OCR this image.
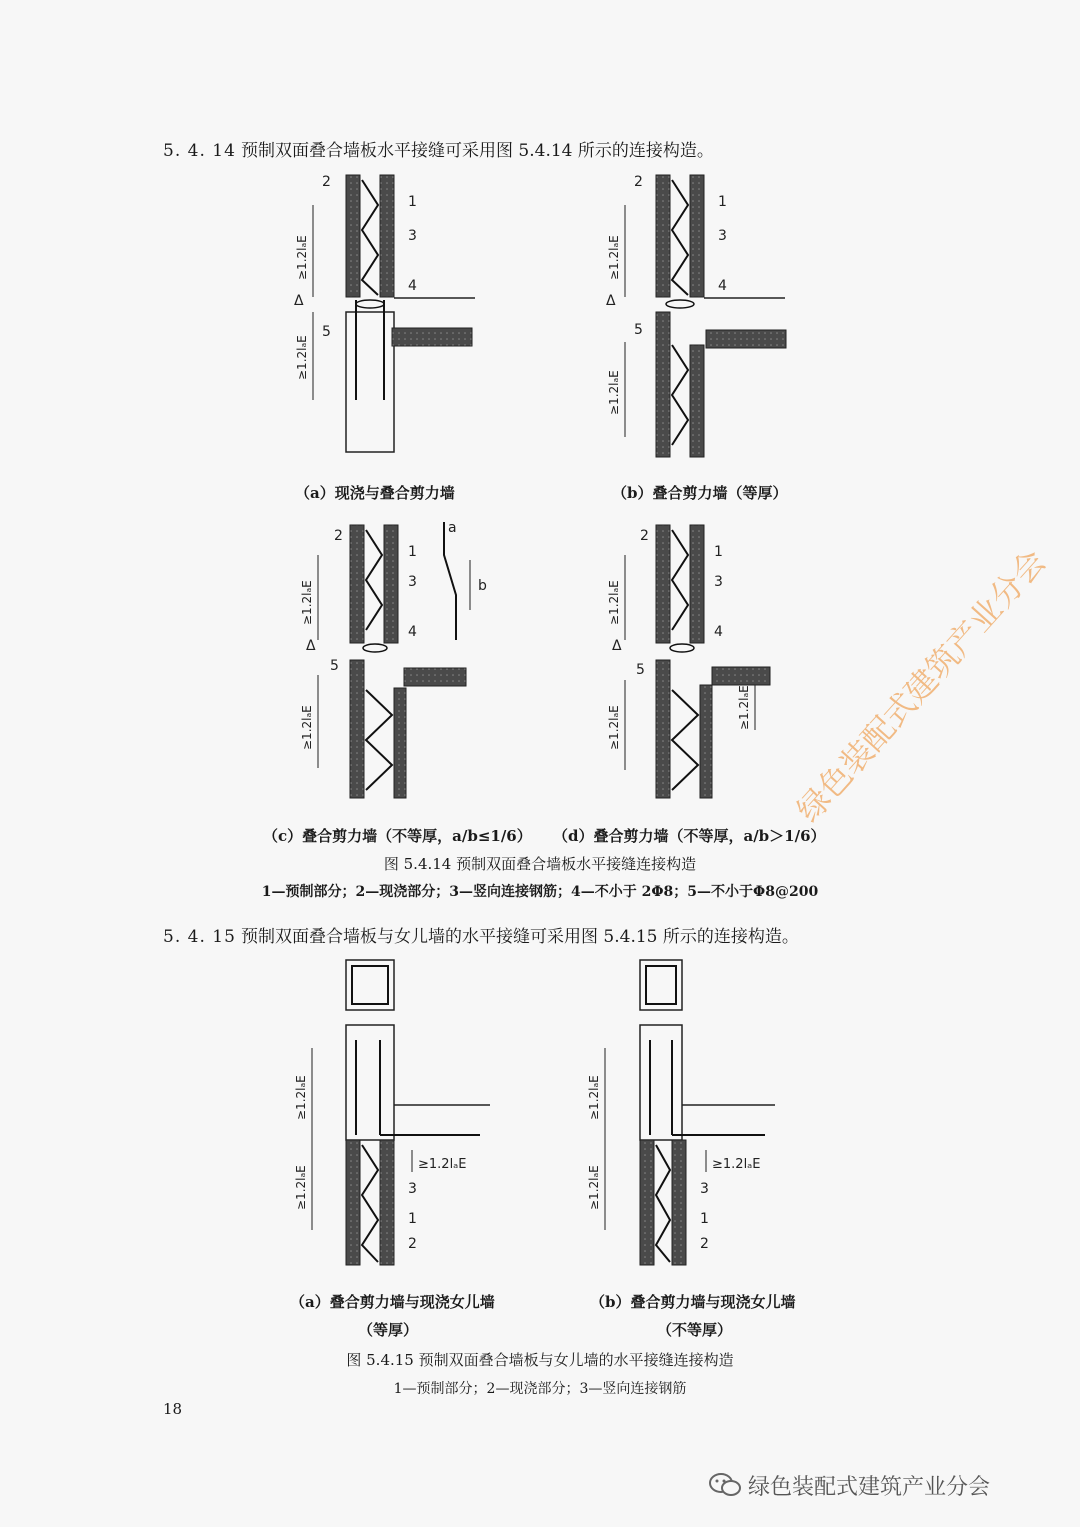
5. 4. 14 预制双面叠合墙板水平接缝可采用图 5.4.14 所示的连接构造。
2
1
3
4
5
Δ
2
1
3
4
5
Δ
2
1
3
4
5
Δ
a
b
2
1
3
4
5
Δ
3
1
2
3
1
2
≥1.2lₐE	≥1.2lₐE
≥1.2lₐE
≥1.2lₐE
≥1.2lₐE
≥1.2lₐE
≥1.2lₐE
≥1.2lₐE
≥1.2lₐE
≥1.2lₐE	≥1.2lₐE
≥1.2lₐE
≥1.2lₐE
≥1.2lₐE
≥1.2lₐE
（a）现浇与叠合剪力墙	（b）叠合剪力墙（等厚）
（c）叠合剪力墙（不等厚，a/b≤1/6） （d）叠合剪力墙（不等厚，a/b＞1/6）
图 5.4.14 预制双面叠合墙板水平接缝连接构造
1—预制部分；2—现浇部分；3—竖向连接钢筋；4—不小于 2Φ8；5—不小于Φ8@200
5. 4. 15 预制双面叠合墙板与女儿墙的水平接缝可采用图 5.4.15 所示的连接构造。
（a）叠合剪力墙与现浇女儿墙
（等厚）
（b）叠合剪力墙与现浇女儿墙
（不等厚）
图 5.4.15 预制双面叠合墙板与女儿墙的水平接缝连接构造
1—预制部分；2—现浇部分；3—竖向连接钢筋
18
绿色装配式建筑产业分会
绿色装配式建筑产业分会
